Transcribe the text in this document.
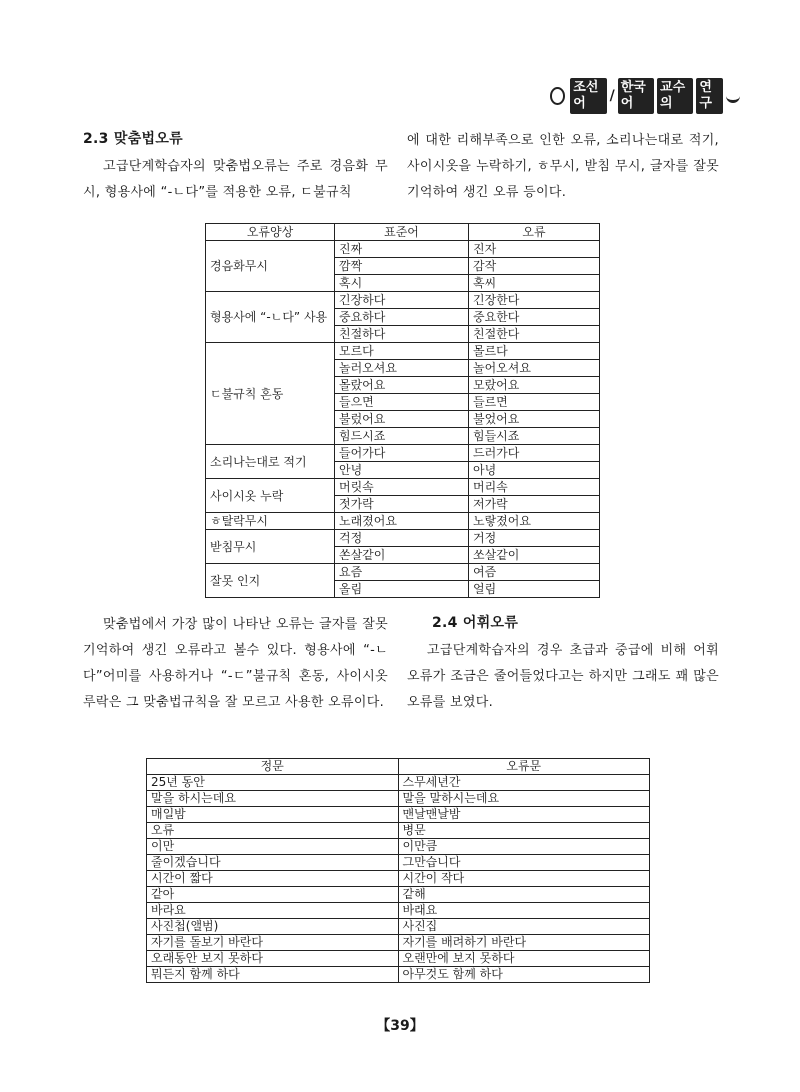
조선어	/
한국어
교수의
연구
2.3 맞춤법오류

고급단계학습자의 맞춤법오류는 주로 경음화 무시, 형용사에 “-ㄴ다”를 적용한 오류, ㄷ불규칙

에 대한 리해부족으로 인한 오류, 소리나는대로 적기, 사이시옷을 누락하기, ㅎ무시, 받침 무시, 글자를 잘못 기억하여 생긴 오류 등이다.

오류양상	표준어	오류
경음화무시	진짜	진자
	깜짝	감작
	혹시	혹씨
형용사에 “-ㄴ다” 사용	긴장하다	긴장한다
	중요하다	중요한다
	친절하다	친절한다
ㄷ불규칙 혼동	모르다	몰르다
	놀러오셔요	놀어오셔요
	몰랐어요	모랐어요
	들으면	들르면
	불렀어요	불었어요
	힘드시죠	힘들시죠
소리나는대로 적기	들어가다	드러가다
	안녕	아녕
사이시옷 누락	머릿속	머리속
	젓가락	저가락
ㅎ탈락무시	노래졌어요	노랗졌어요
받침무시	걱정	거정
	쏜살같이	쏘살같이
잘못 인지	요즘	여즘
	올림	얼림

맞춤법에서 가장 많이 나타난 오류는 글자를 잘못 기억하여 생긴 오류라고 볼수 있다. 형용사에 “-ㄴ다”어미를 사용하거나 “-ㄷ”불규칙 혼동, 사이시옷 루락은 그 맞춤법규칙을 잘 모르고 사용한 오류이다.

2.4 어휘오류

고급단계학습자의 경우 초급과 중급에 비해 어휘오류가 조금은 줄어들었다고는 하지만 그래도 꽤 많은 오류를 보였다.

정문	오류문
25년 동안	스무세년간
말을 하시는데요	말을 말하시는데요
매일밤	맨날맨날밤
오류	병문
이만	이만큼
줄이겠습니다	그만습니다
시간이 짧다	시간이 작다
같아	같해
바라요	바래요
사진첩(앨범)	사진집
자기를 돌보기 바란다	자기를 배려하기 바란다
오래동안 보지 못하다	오랜만에 보지 못하다
뭐든지 함께 하다	아무것도 함께 하다
【39】
